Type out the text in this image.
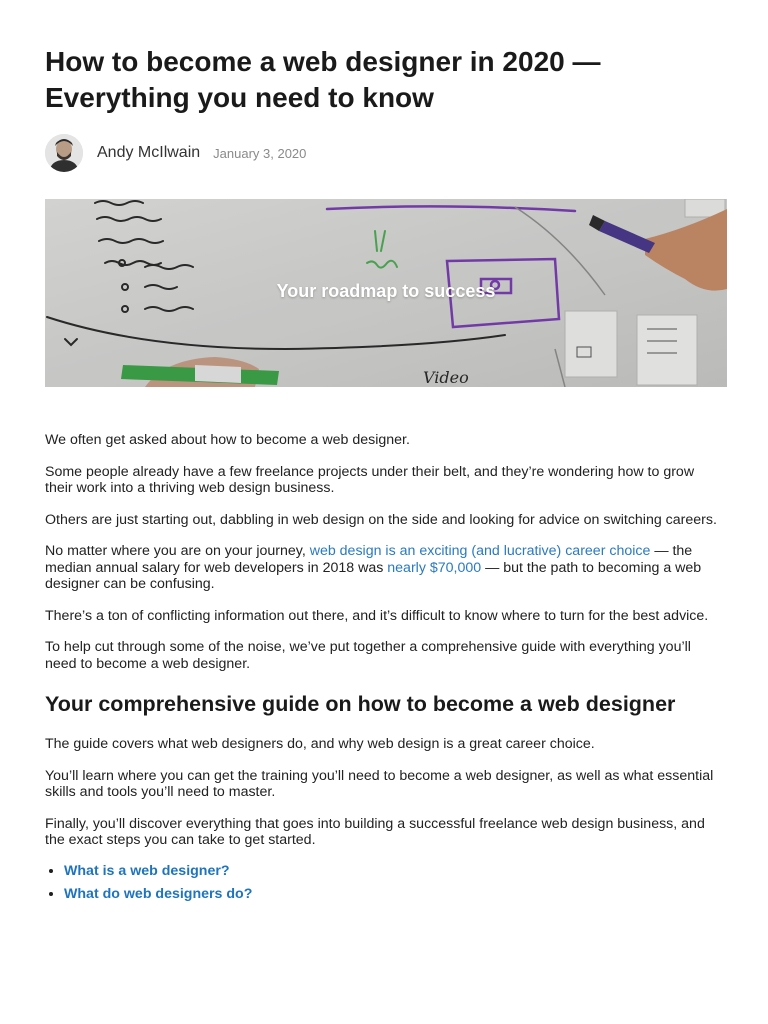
How to become a web designer in 2020 — Everything you need to know
Andy McIlwain January 3, 2020
Your roadmap to success

We often get asked about how to become a web designer.

Some people already have a few freelance projects under their belt, and they’re wondering how to grow their work into a thriving web design business.

Others are just starting out, dabbling in web design on the side and looking for advice on switching careers.

No matter where you are on your journey, web design is an exciting (and lucrative) career choice — the median annual salary for web developers in 2018 was nearly $70,000 — but the path to becoming a web designer can be confusing.

There’s a ton of conflicting information out there, and it’s difficult to know where to turn for the best advice.

To help cut through some of the noise, we’ve put together a comprehensive guide with everything you’ll need to become a web designer.

Your comprehensive guide on how to become a web designer

The guide covers what web designers do, and why web design is a great career choice.

You’ll learn where you can get the training you’ll need to become a web designer, as well as what essential skills and tools you’ll need to master.

Finally, you’ll discover everything that goes into building a successful freelance web design business, and the exact steps you can take to get started.

• What is a web designer?
• What do web designers do?
